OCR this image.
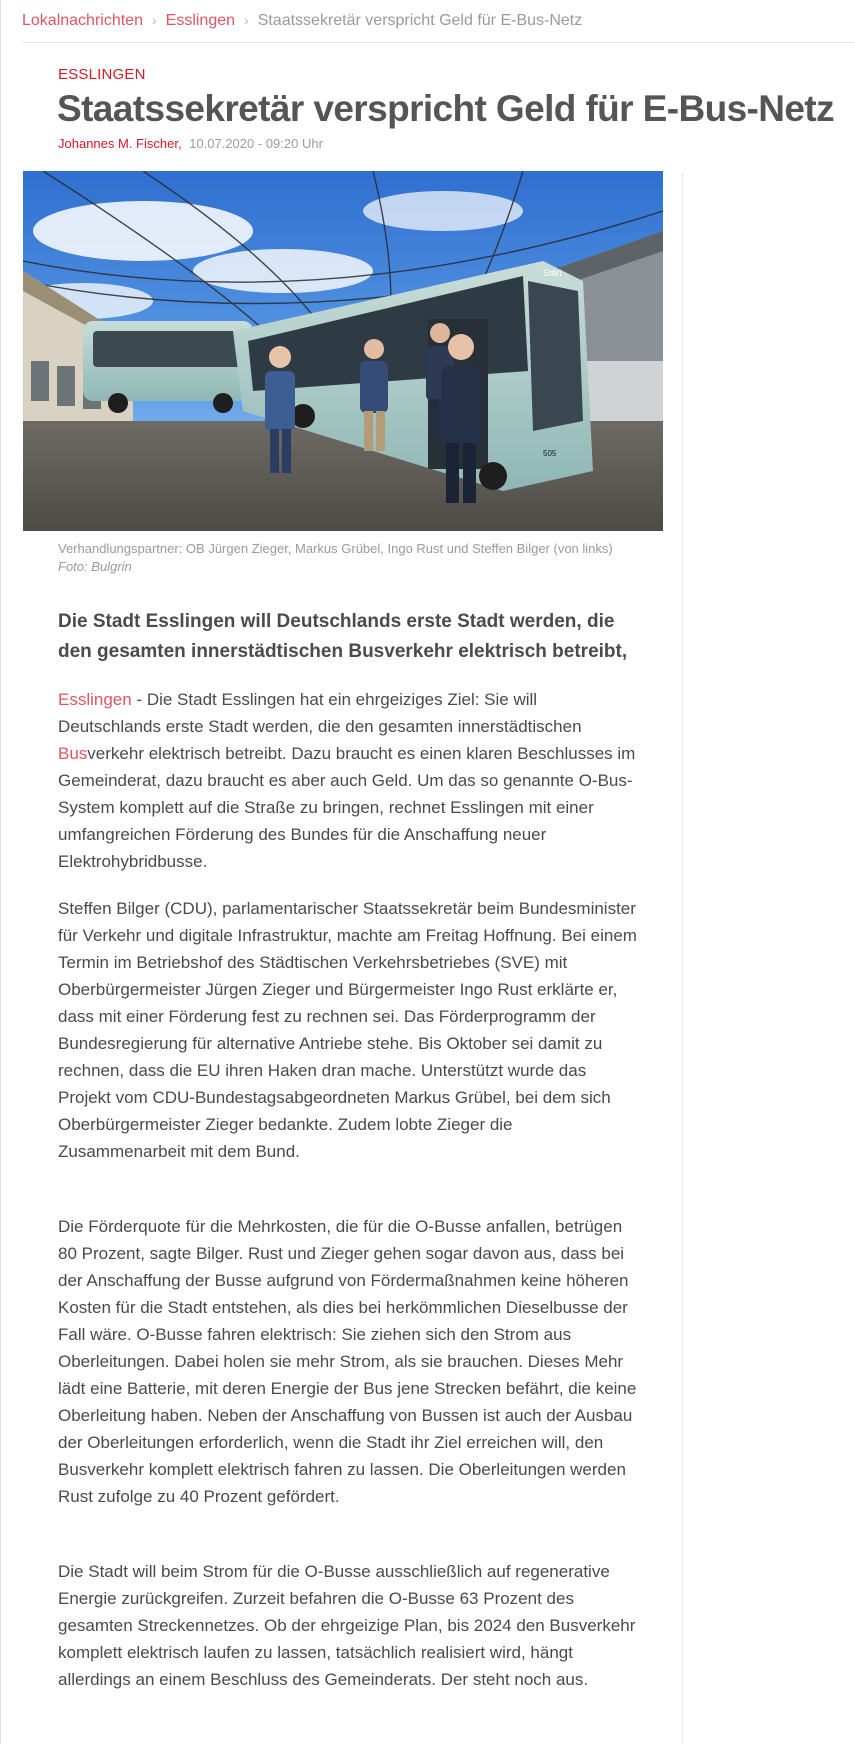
Lokalnachrichten › Esslingen › Staatssekretär verspricht Geld für E-Bus-Netz
ESSLINGEN
Staatssekretär verspricht Geld für E-Bus-Netz
Johannes M. Fischer, 10.07.2020 - 09:20 Uhr
505
Stäri
Verhandlungspartner: OB Jürgen Zieger, Markus Grübel, Ingo Rust und Steffen Bilger (von links) Foto: Bulgrin

Die Stadt Esslingen will Deutschlands erste Stadt werden, die den gesamten innerstädtischen Busverkehr elektrisch betreibt,

Esslingen - Die Stadt Esslingen hat ein ehrgeiziges Ziel: Sie will Deutschlands erste Stadt werden, die den gesamten innerstädtischen Busverkehr elektrisch betreibt. Dazu braucht es einen klaren Beschlusses im Gemeinderat, dazu braucht es aber auch Geld. Um das so genannte O-Bus-System komplett auf die Straße zu bringen, rechnet Esslingen mit einer umfangreichen Förderung des Bundes für die Anschaffung neuer Elektrohybridbusse.

Steffen Bilger (CDU), parlamentarischer Staatssekretär beim Bundesminister für Verkehr und digitale Infrastruktur, machte am Freitag Hoffnung. Bei einem Termin im Betriebshof des Städtischen Verkehrsbetriebes (SVE) mit Oberbürgermeister Jürgen Zieger und Bürgermeister Ingo Rust erklärte er, dass mit einer Förderung fest zu rechnen sei. Das Förderprogramm der Bundesregierung für alternative Antriebe stehe. Bis Oktober sei damit zu rechnen, dass die EU ihren Haken dran mache. Unterstützt wurde das Projekt vom CDU-Bundestagsabgeordneten Markus Grübel, bei dem sich Oberbürgermeister Zieger bedankte. Zudem lobte Zieger die Zusammenarbeit mit dem Bund.

Die Förderquote für die Mehrkosten, die für die O-Busse anfallen, betrügen 80 Prozent, sagte Bilger. Rust und Zieger gehen sogar davon aus, dass bei der Anschaffung der Busse aufgrund von Fördermaßnahmen keine höheren Kosten für die Stadt entstehen, als dies bei herkömmlichen Dieselbusse der Fall wäre. O-Busse fahren elektrisch: Sie ziehen sich den Strom aus Oberleitungen. Dabei holen sie mehr Strom, als sie brauchen. Dieses Mehr lädt eine Batterie, mit deren Energie der Bus jene Strecken befährt, die keine Oberleitung haben. Neben der Anschaffung von Bussen ist auch der Ausbau der Oberleitungen erforderlich, wenn die Stadt ihr Ziel erreichen will, den Busverkehr komplett elektrisch fahren zu lassen. Die Oberleitungen werden Rust zufolge zu 40 Prozent gefördert.

Die Stadt will beim Strom für die O-Busse ausschließlich auf regenerative Energie zurückgreifen. Zurzeit befahren die O-Busse 63 Prozent des gesamten Streckennetzes. Ob der ehrgeizige Plan, bis 2024 den Busverkehr komplett elektrisch laufen zu lassen, tatsächlich realisiert wird, hängt allerdings an einem Beschluss des Gemeinderats. Der steht noch aus.
